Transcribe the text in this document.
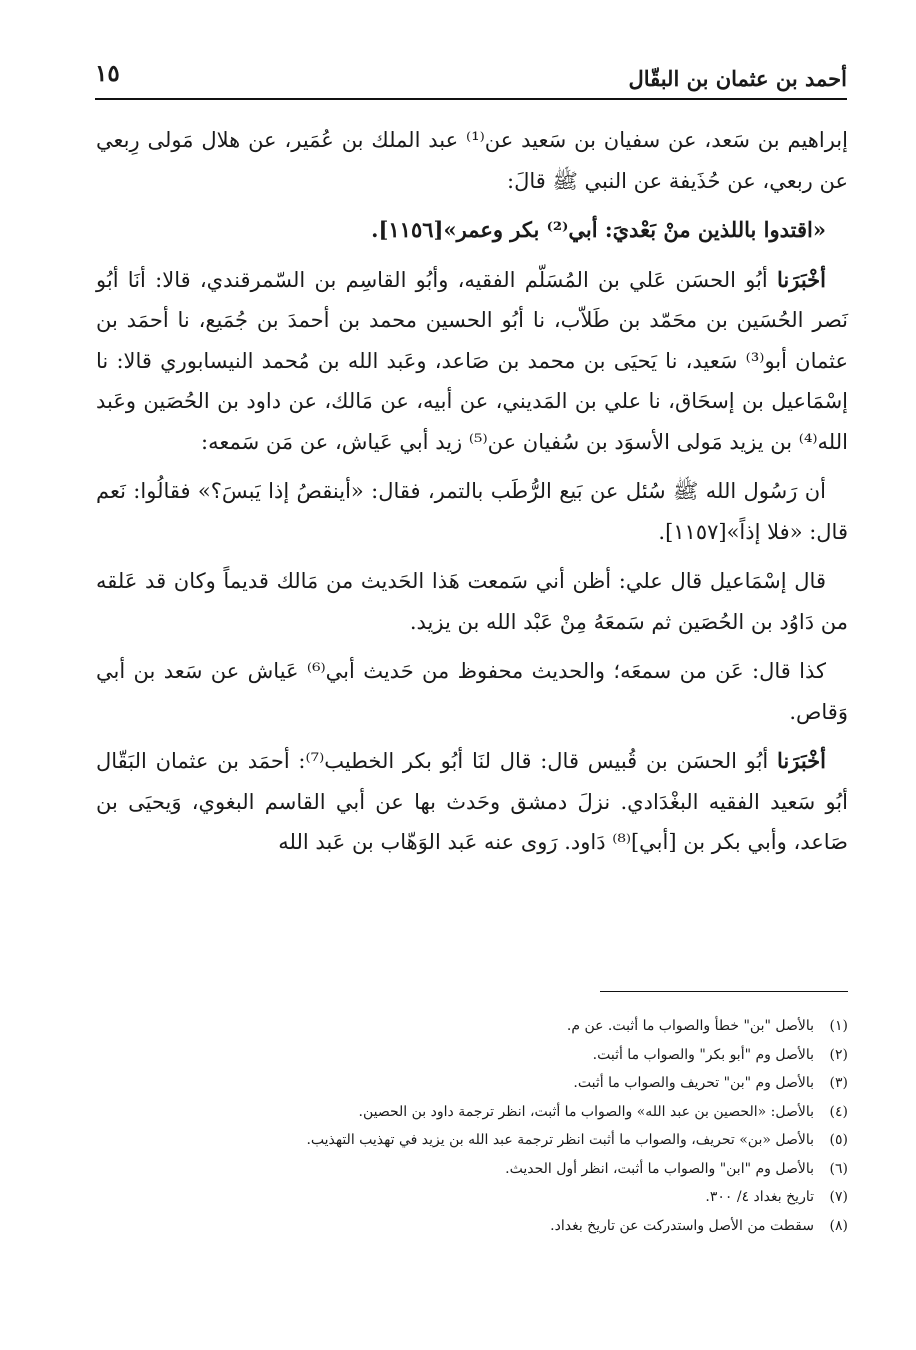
١٥	أحمد بن عثمان بن البقّال

إبراهيم بن سَعد، عن سفيان بن سَعيد عن⁽¹⁾ عبد الملك بن عُمَير، عن هلال مَولى رِبعي عن ربعي، عن حُذَيفة عن النبي ﷺ قالَ:

«اقتدوا باللذين منْ بَعْديَ: أبي⁽²⁾ بكر وعمر»[١١٥٦].

أخْبَرَنا أبُو الحسَن عَلي بن المُسَلّم الفقيه، وأبُو القاسِم بن السّمرقندي، قالا: أنَا أبُو نَصر الحُسَين بن محَمّد بن طَلاّب، نا أبُو الحسين محمد بن أحمدَ بن جُمَيع، نا أحمَد بن عثمان أبو⁽³⁾ سَعيد، نا يَحيَى بن محمد بن صَاعد، وعَبد الله بن مُحمد النيسابوري قالا: نا إسْمَاعيل بن إسحَاق، نا علي بن المَديني، عن أبيه، عن مَالك، عن داود بن الحُصَين وعَبد الله⁽⁴⁾ بن يزيد مَولى الأسوَد بن سُفيان عن⁽⁵⁾ زيد أبي عَياش، عن مَن سَمعه:

أن رَسُول الله ﷺ سُئل عن بَيع الرُّطَب بالتمر، فقال: «أينقصُ إذا يَبسَ؟» فقالُوا: نَعم قال: «فلا إذاً»[١١٥٧].

قال إسْمَاعيل قال علي: أظن أني سَمعت هَذا الحَديث من مَالك قديماً وكان قد عَلقه من دَاوُد بن الحُصَين ثم سَمعَهُ مِنْ عَبْد الله بن يزيد.

كذا قال: عَن من سمعَه؛ والحديث محفوظ من حَديث أبي⁽⁶⁾ عَياش عن سَعد بن أبي وَقاص.

أخْبَرَنا أبُو الحسَن بن قُبيس قال: قال لنَا أبُو بكر الخطيب⁽⁷⁾: أحمَد بن عثمان البَقّال أبُو سَعيد الفقيه البغْدَادي. نزلَ دمشق وحَدث بها عن أبي القاسم البغوي، وَيحيَى بن صَاعد، وأبي بكر بن [أبي]⁽⁸⁾ دَاود. رَوى عنه عَبد الوَهّاب بن عَبد الله

(١)
بالأصل "بن" خطأ والصواب ما أثبت. عن م.
(٢)
بالأصل وم "أبو بكر" والصواب ما أثبت.
(٣)
بالأصل وم "بن" تحريف والصواب ما أثبت.
(٤)
بالأصل: «الحصين بن عبد الله» والصواب ما أثبت، انظر ترجمة داود بن الحصين.
(٥)
بالأصل «بن» تحريف، والصواب ما أثبت انظر ترجمة عبد الله بن يزيد في تهذيب التهذيب.
(٦)
بالأصل وم "ابن" والصواب ما أثبت، انظر أول الحديث.
(٧)
تاريخ بغداد ٤/ ٣٠٠.
(٨)
سقطت من الأصل واستدركت عن تاريخ بغداد.
